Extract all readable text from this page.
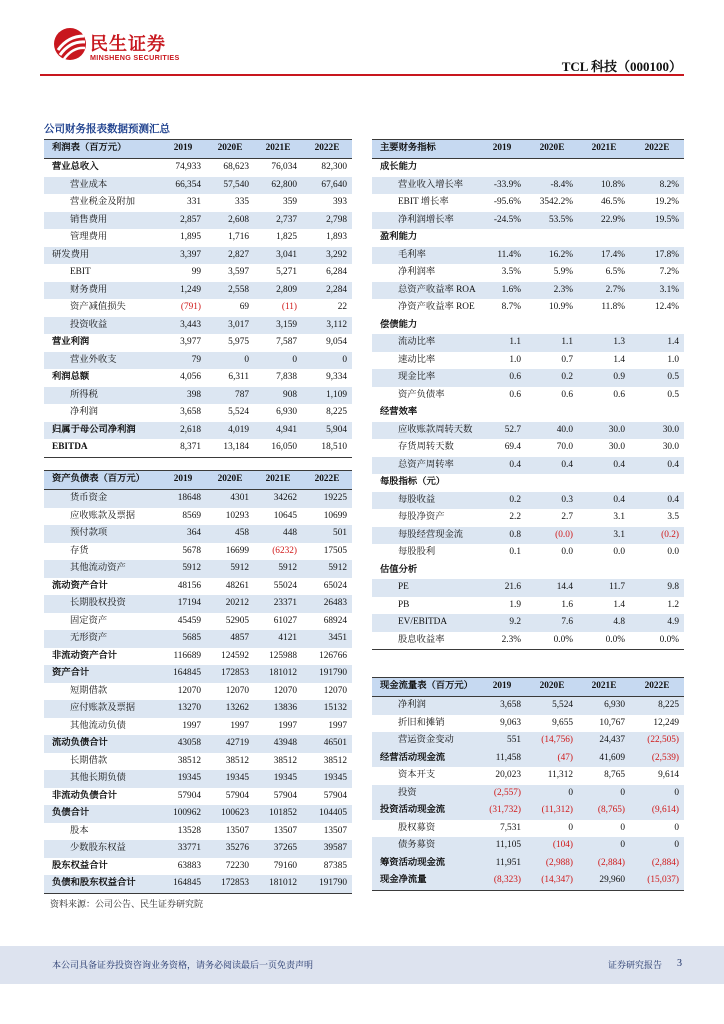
民生证券
MINSHENG SECURITIES
TCL 科技（000100）
公司财务报表数据预测汇总
利润表（百万元）	2019	2020E	2021E	2022E
营业总收入	74,933	68,623	76,034	82,300
营业成本	66,354	57,540	62,800	67,640
营业税金及附加	331	335	359	393
销售费用	2,857	2,608	2,737	2,798
管理费用	1,895	1,716	1,825	1,893
研发费用	3,397	2,827	3,041	3,292
EBIT	99	3,597	5,271	6,284
财务费用	1,249	2,558	2,809	2,284
资产减值损失	(791)	69	(11)	22
投资收益	3,443	3,017	3,159	3,112
营业利润	3,977	5,975	7,587	9,054
营业外收支	79	0	0	0
利润总额	4,056	6,311	7,838	9,334
所得税	398	787	908	1,109
净利润	3,658	5,524	6,930	8,225
归属于母公司净利润	2,618	4,019	4,941	5,904
EBITDA	8,371	13,184	16,050	18,510
资产负债表（百万元）	2019	2020E	2021E	2022E
货币资金	18648	4301	34262	19225
应收账款及票据	8569	10293	10645	10699
预付款项	364	458	448	501
存货	5678	16699	(6232)	17505
其他流动资产	5912	5912	5912	5912
流动资产合计	48156	48261	55024	65024
长期股权投资	17194	20212	23371	26483
固定资产	45459	52905	61027	68924
无形资产	5685	4857	4121	3451
非流动资产合计	116689	124592	125988	126766
资产合计	164845	172853	181012	191790
短期借款	12070	12070	12070	12070
应付账款及票据	13270	13262	13836	15132
其他流动负债	1997	1997	1997	1997
流动负债合计	43058	42719	43948	46501
长期借款	38512	38512	38512	38512
其他长期负债	19345	19345	19345	19345
非流动负债合计	57904	57904	57904	57904
负债合计	100962	100623	101852	104405
股本	13528	13507	13507	13507
少数股东权益	33771	35276	37265	39587
股东权益合计	63883	72230	79160	87385
负债和股东权益合计	164845	172853	181012	191790
主要财务指标	2019	2020E	2021E	2022E
成长能力				
营业收入增长率	-33.9%	-8.4%	10.8%	8.2%
EBIT 增长率	-95.6%	3542.2%	46.5%	19.2%
净利润增长率	-24.5%	53.5%	22.9%	19.5%
盈利能力				
毛利率	11.4%	16.2%	17.4%	17.8%
净利润率	3.5%	5.9%	6.5%	7.2%
总资产收益率 ROA	1.6%	2.3%	2.7%	3.1%
净资产收益率 ROE	8.7%	10.9%	11.8%	12.4%
偿债能力				
流动比率	1.1	1.1	1.3	1.4
速动比率	1.0	0.7	1.4	1.0
现金比率	0.6	0.2	0.9	0.5
资产负债率	0.6	0.6	0.6	0.5
经营效率				
应收账款周转天数	52.7	40.0	30.0	30.0
存货周转天数	69.4	70.0	30.0	30.0
总资产周转率	0.4	0.4	0.4	0.4
每股指标（元）				
每股收益	0.2	0.3	0.4	0.4
每股净资产	2.2	2.7	3.1	3.5
每股经营现金流	0.8	(0.0)	3.1	(0.2)
每股股利	0.1	0.0	0.0	0.0
估值分析				
PE	21.6	14.4	11.7	9.8
PB	1.9	1.6	1.4	1.2
EV/EBITDA	9.2	7.6	4.8	4.9
股息收益率	2.3%	0.0%	0.0%	0.0%
现金流量表（百万元）	2019	2020E	2021E	2022E
净利润	3,658	5,524	6,930	8,225
折旧和摊销	9,063	9,655	10,767	12,249
营运资金变动	551	(14,756)	24,437	(22,505)
经营活动现金流	11,458	(47)	41,609	(2,539)
资本开支	20,023	11,312	8,765	9,614
投资	(2,557)	0	0	0
投资活动现金流	(31,732)	(11,312)	(8,765)	(9,614)
股权募资	7,531	0	0	0
债务募资	11,105	(104)	0	0
筹资活动现金流	11,951	(2,988)	(2,884)	(2,884)
现金净流量	(8,323)	(14,347)	29,960	(15,037)
资料来源：公司公告、民生证券研究院
本公司具备证券投资咨询业务资格，请务必阅读最后一页免责声明	证券研究报告 3
